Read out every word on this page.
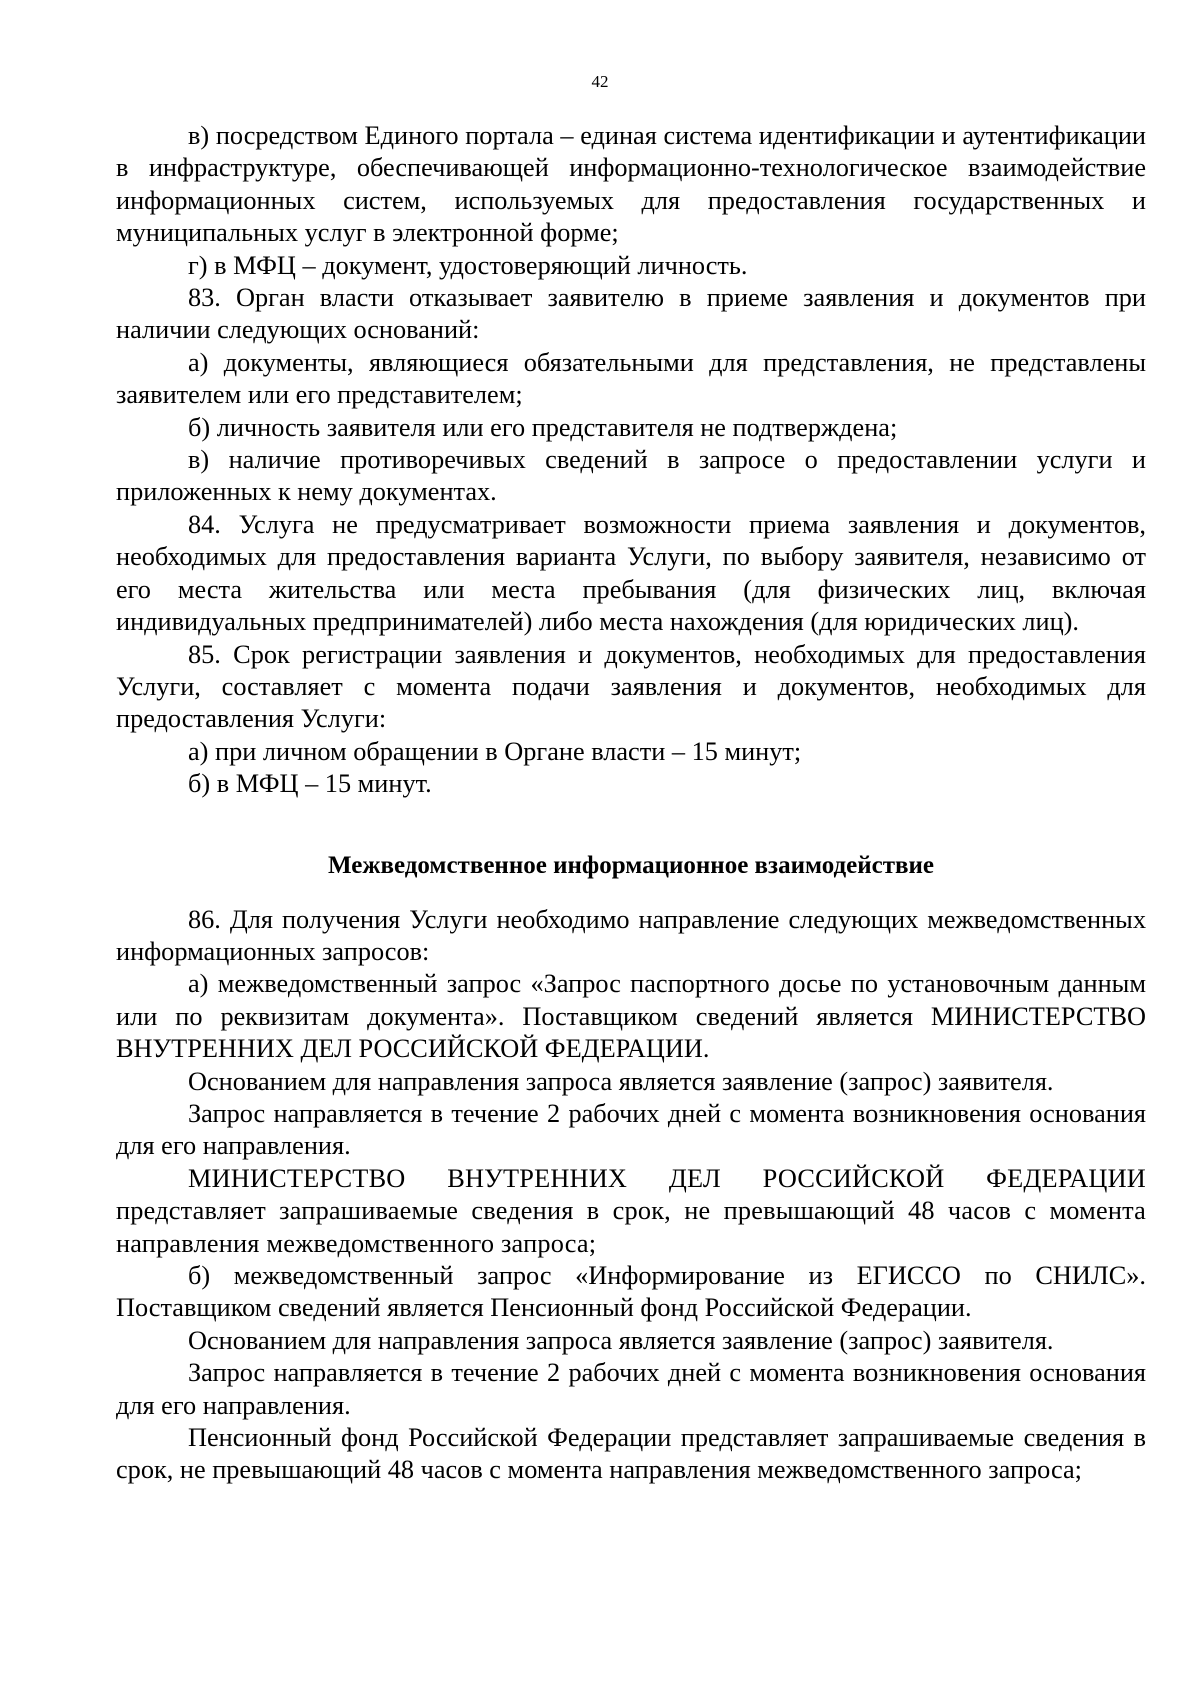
42

в) посредством Единого портала – единая система идентификации и аутентификации в инфраструктуре, обеспечивающей информационно-технологическое взаимодействие информационных систем, используемых для предоставления государственных и муниципальных услуг в электронной форме;

г) в МФЦ – документ, удостоверяющий личность.

83. Орган власти отказывает заявителю в приеме заявления и документов при наличии следующих оснований:

а) документы, являющиеся обязательными для представления, не представлены заявителем или его представителем;

б) личность заявителя или его представителя не подтверждена;

в) наличие противоречивых сведений в запросе о предоставлении услуги и приложенных к нему документах.

84. Услуга не предусматривает возможности приема заявления и документов, необходимых для предоставления варианта Услуги, по выбору заявителя, независимо от его места жительства или места пребывания (для физических лиц, включая индивидуальных предпринимателей) либо места нахождения (для юридических лиц).

85. Срок регистрации заявления и документов, необходимых для предоставления Услуги, составляет с момента подачи заявления и документов, необходимых для предоставления Услуги:

а) при личном обращении в Органе власти – 15 минут;

б) в МФЦ – 15 минут.

Межведомственное информационное взаимодействие

86. Для получения Услуги необходимо направление следующих межведомственных информационных запросов:

а) межведомственный запрос «Запрос паспортного досье по установочным данным или по реквизитам документа». Поставщиком сведений является МИНИСТЕРСТВО ВНУТРЕННИХ ДЕЛ РОССИЙСКОЙ ФЕДЕРАЦИИ.

Основанием для направления запроса является заявление (запрос) заявителя.

Запрос направляется в течение 2 рабочих дней с момента возникновения основания для его направления.

МИНИСТЕРСТВО ВНУТРЕННИХ ДЕЛ РОССИЙСКОЙ ФЕДЕРАЦИИ представляет запрашиваемые сведения в срок, не превышающий 48 часов с момента направления межведомственного запроса;

б) межведомственный запрос «Информирование из ЕГИССО по СНИЛС». Поставщиком сведений является Пенсионный фонд Российской Федерации.

Основанием для направления запроса является заявление (запрос) заявителя.

Запрос направляется в течение 2 рабочих дней с момента возникновения основания для его направления.

Пенсионный фонд Российской Федерации представляет запрашиваемые сведения в срок, не превышающий 48 часов с момента направления межведомственного запроса;
